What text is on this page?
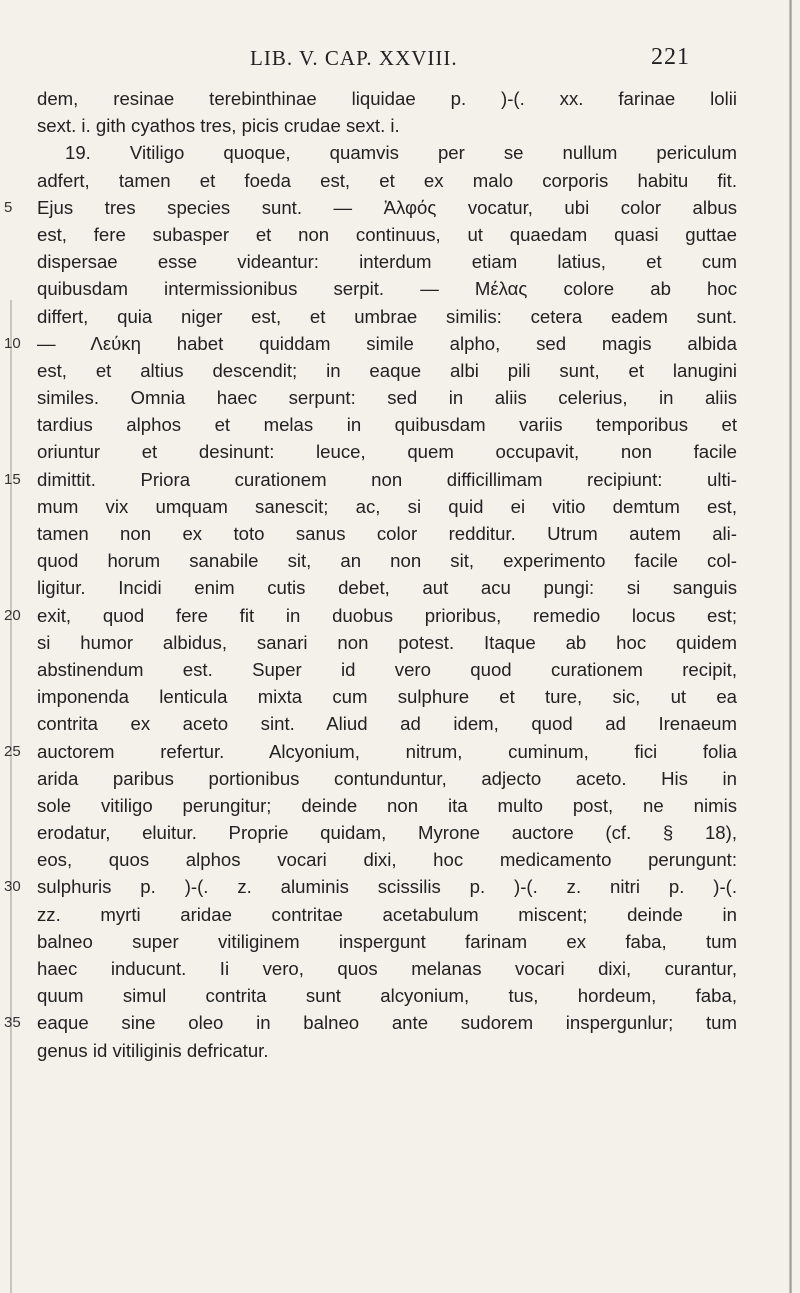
LIB. V. CAP. XXVIII.	221
dem, resinae terebinthinae liquidae p. )-(. xx. farinae lolii
sext. i. gith cyathos tres, picis crudae sext. i.
19. Vitiligo quoque, quamvis per se nullum periculum
adfert, tamen et foeda est, et ex malo corporis habitu fit.
Ejus tres species sunt. — Ἀλφός vocatur, ubi color albus
5
est, fere subasper et non continuus, ut quaedam quasi guttae
dispersae esse videantur: interdum etiam latius, et cum
quibusdam intermissionibus serpit. — Μέλας colore ab hoc
differt, quia niger est, et umbrae similis: cetera eadem sunt.
— Λεύκη habet quiddam simile alpho, sed magis albida
10
est, et altius descendit; in eaque albi pili sunt, et lanugini
similes. Omnia haec serpunt: sed in aliis celerius, in aliis
tardius alphos et melas in quibusdam variis temporibus et
oriuntur et desinunt: leuce, quem occupavit, non facile
dimittit. Priora curationem non difficillimam recipiunt: ulti-
15
mum vix umquam sanescit; ac, si quid ei vitio demtum est,
tamen non ex toto sanus color redditur. Utrum autem ali-
quod horum sanabile sit, an non sit, experimento facile col-
ligitur. Incidi enim cutis debet, aut acu pungi: si sanguis
exit, quod fere fit in duobus prioribus, remedio locus est;
20
si humor albidus, sanari non potest. Itaque ab hoc quidem
abstinendum est. Super id vero quod curationem recipit,
imponenda lenticula mixta cum sulphure et ture, sic, ut ea
contrita ex aceto sint. Aliud ad idem, quod ad Irenaeum
auctorem refertur. Alcyonium, nitrum, cuminum, fici folia
25
arida paribus portionibus contunduntur, adjecto aceto. His in
sole vitiligo perungitur; deinde non ita multo post, ne nimis
erodatur, eluitur. Proprie quidam, Myrone auctore (cf. § 18),
eos, quos alphos vocari dixi, hoc medicamento perungunt:
sulphuris p. )-(. z. aluminis scissilis p. )-(. z. nitri p. )-(.
30
zz. myrti aridae contritae acetabulum miscent; deinde in
balneo super vitiliginem inspergunt farinam ex faba, tum
haec inducunt. Ii vero, quos melanas vocari dixi, curantur,
quum simul contrita sunt alcyonium, tus, hordeum, faba,
eaque sine oleo in balneo ante sudorem inspergunlur; tum
35
genus id vitiliginis defricatur.
